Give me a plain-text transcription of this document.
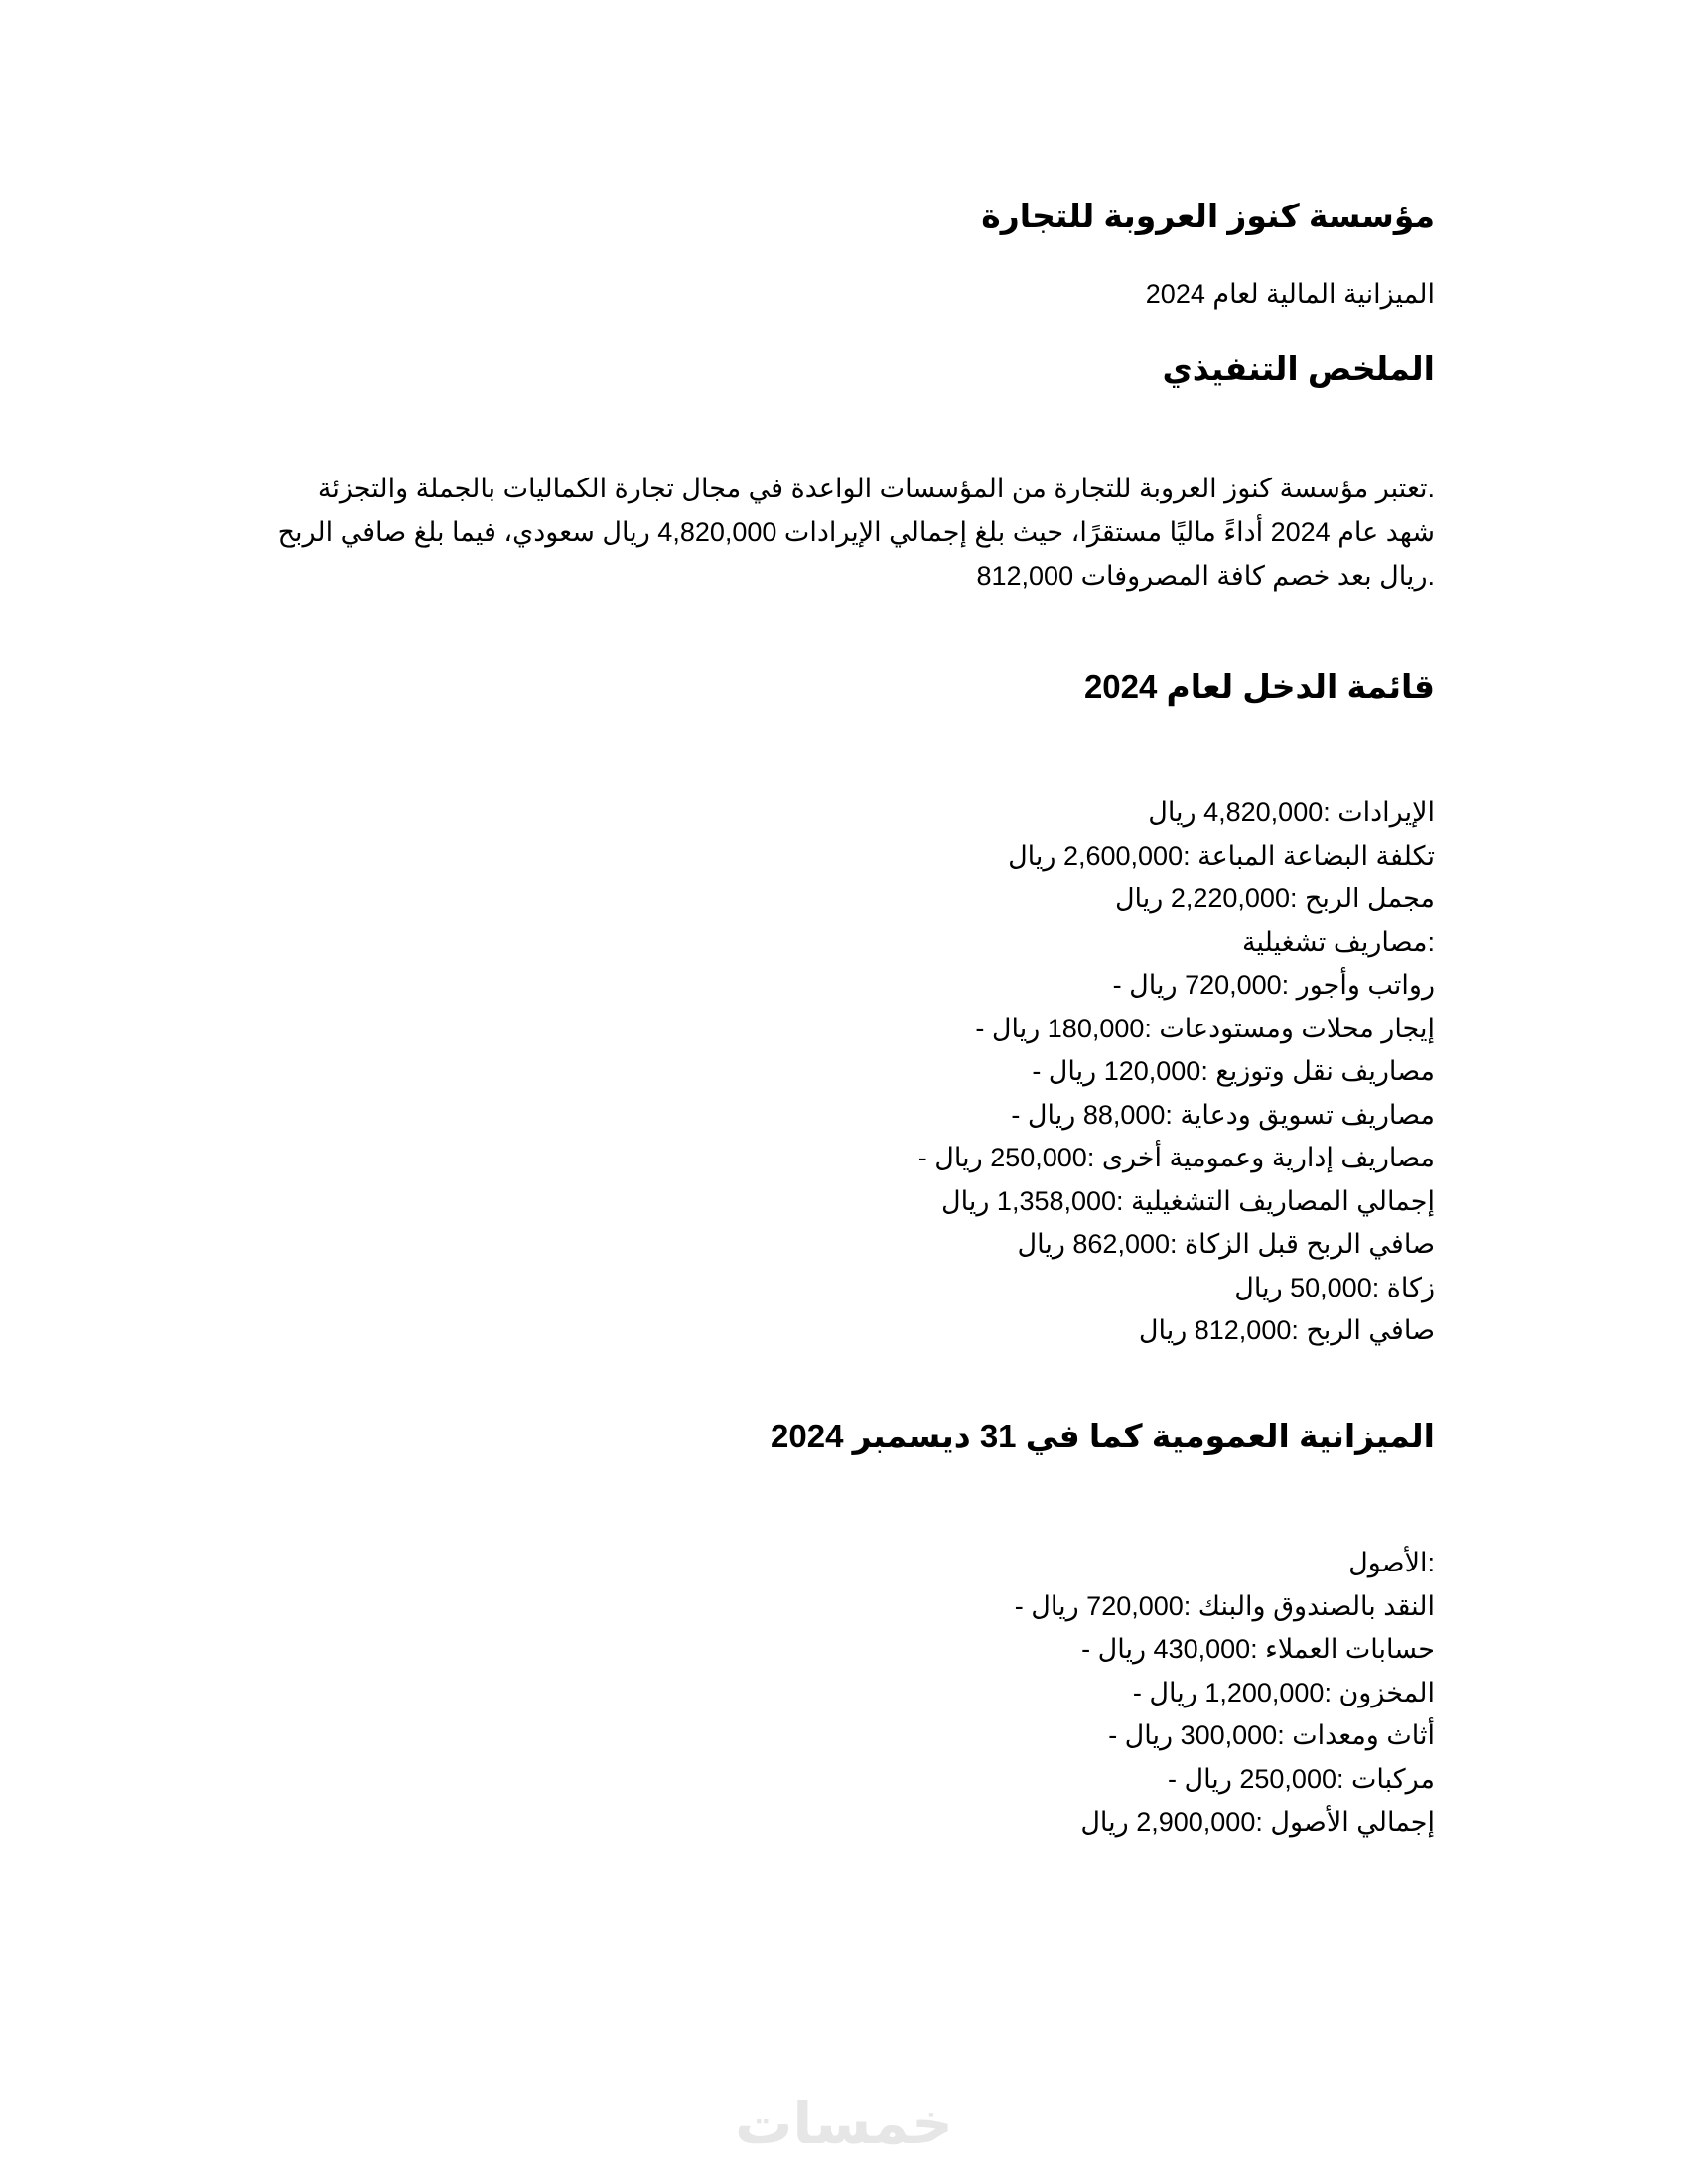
مؤسسة كنوز العروبة للتجارة
الميزانية المالية لعام 2024
الملخص التنفيذي

.تعتبر مؤسسة كنوز العروبة للتجارة من المؤسسات الواعدة في مجال تجارة الكماليات بالجملة والتجزئة

شهد عام 2024 أداءً ماليًا مستقرًا، حيث بلغ إجمالي الإيرادات 4,820,000 ريال سعودي، فيما بلغ صافي الربح

.ريال بعد خصم كافة المصروفات 812,000

قائمة الدخل لعام 2024
الإيرادات :4,820,000 ريال
تكلفة البضاعة المباعة :2,600,000 ريال
مجمل الربح :2,220,000 ريال
:مصاريف تشغيلية
رواتب وأجور :720,000 ريال -
إيجار محلات ومستودعات :180,000 ريال -
مصاريف نقل وتوزيع :120,000 ريال -
مصاريف تسويق ودعاية :88,000 ريال -
مصاريف إدارية وعمومية أخرى :250,000 ريال -
إجمالي المصاريف التشغيلية :1,358,000 ريال
صافي الربح قبل الزكاة :862,000 ريال
زكاة :50,000 ريال
صافي الربح :812,000 ريال
الميزانية العمومية كما في 31 ديسمبر 2024
:الأصول
النقد بالصندوق والبنك :720,000 ريال -
حسابات العملاء :430,000 ريال -
المخزون :1,200,000 ريال -
أثاث ومعدات :300,000 ريال -
مركبات :250,000 ريال -
إجمالي الأصول :2,900,000 ريال
خمسات
